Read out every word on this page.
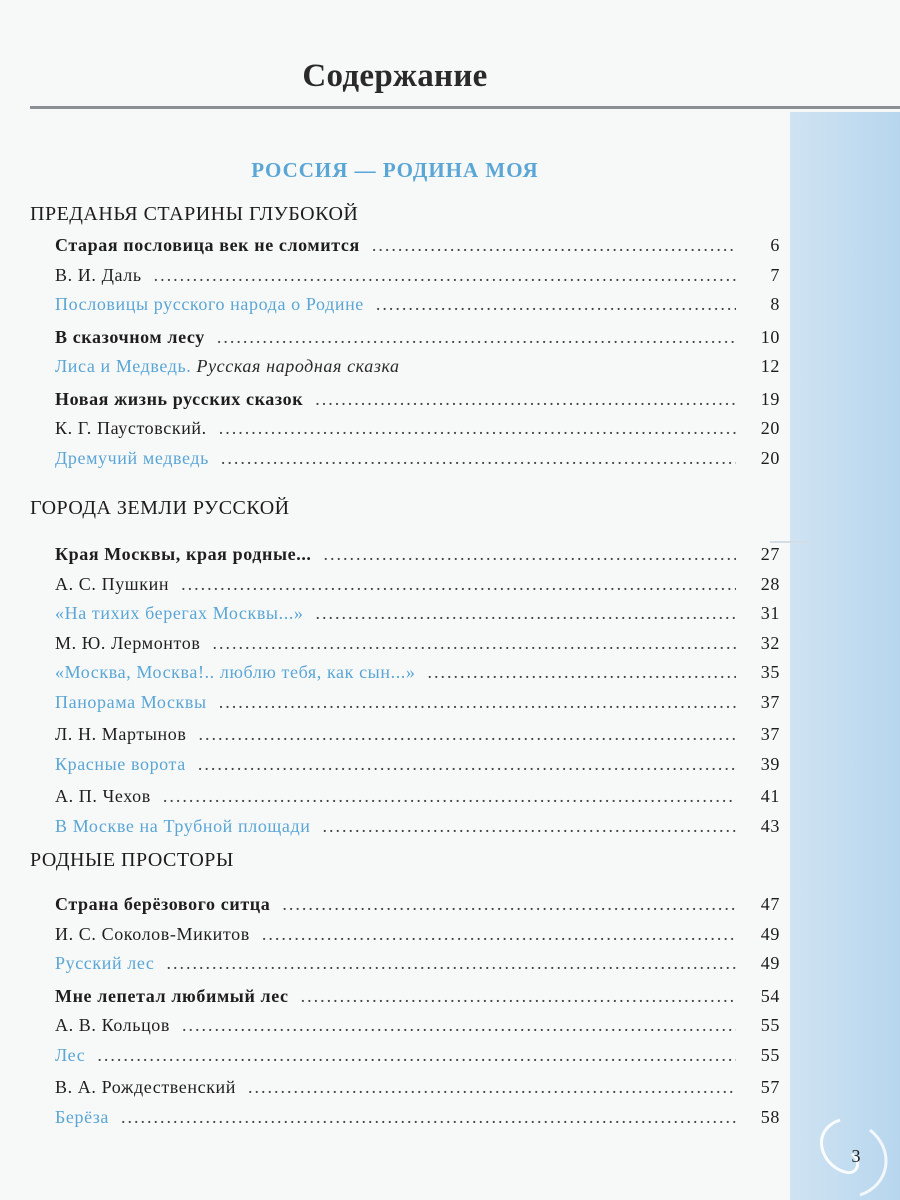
Содержание
РОССИЯ — РОДИНА МОЯ
ПРЕДАНЬЯ СТАРИНЫ ГЛУБОКОЙ
Старая пословица век не сломится .....	6
В. И. Даль .....	7
Пословицы русского народа о Родине .....	8
В сказочном лесу .....	10
Лиса и Медведь. Русская народная сказка	12
Новая жизнь русских сказок .....	19
К. Г. Паустовский. .....	20
Дремучий медведь .....	20
ГОРОДА ЗЕМЛИ РУССКОЙ
Края Москвы, края родные... .....	27
А. С. Пушкин .....	28
«На тихих берегах Москвы...» .....	31
М. Ю. Лермонтов .....	32
«Москва, Москва!.. люблю тебя, как сын...» .....	35
Панорама Москвы .....	37
Л. Н. Мартынов .....	37
Красные ворота .....	39
А. П. Чехов .....	41
В Москве на Трубной площади .....	43
РОДНЫЕ ПРОСТОРЫ
Страна берёзового ситца .....	47
И. С. Соколов-Микитов .....	49
Русский лес .....	49
Мне лепетал любимый лес .....	54
А. В. Кольцов .....	55
Лес .....	55
В. А. Рождественский .....	57
Берёза .....	58
3
